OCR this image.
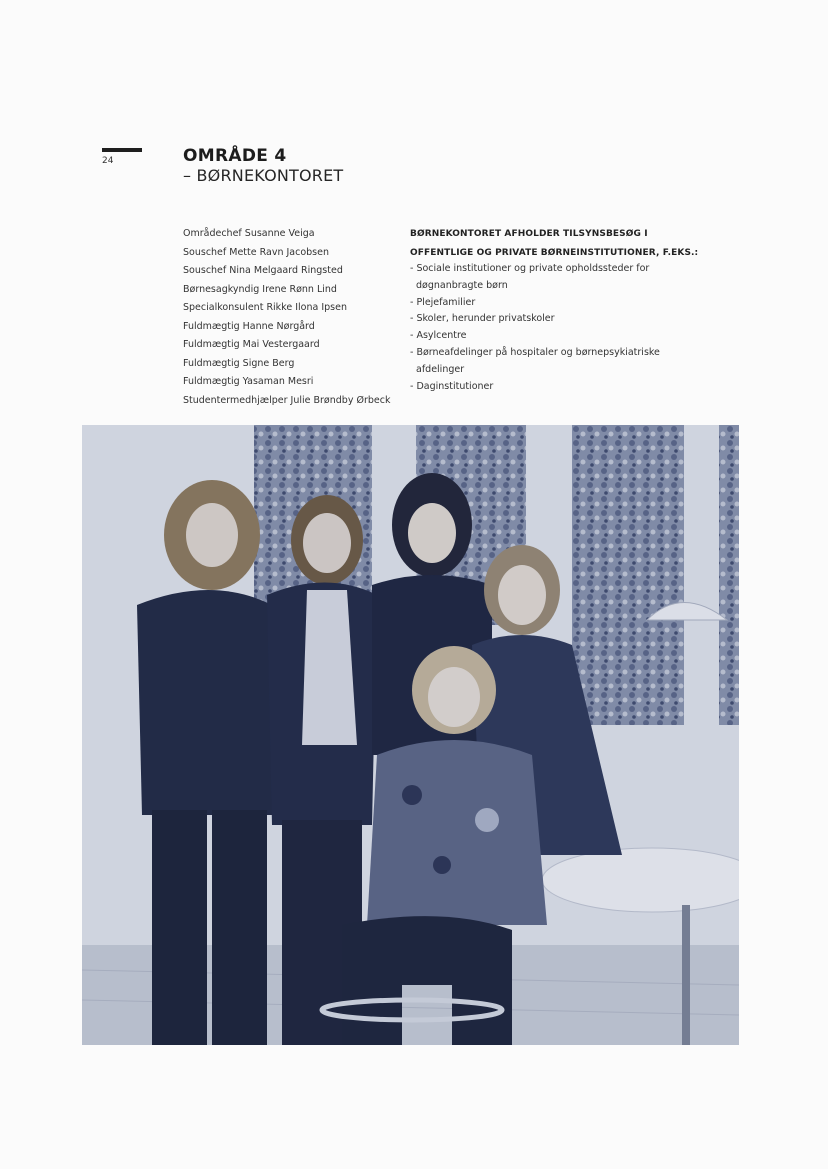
24	OMRÅDE 4
– BØRNEKONTORET
Områdechef Susanne Veiga
Souschef Mette Ravn Jacobsen
Souschef Nina Melgaard Ringsted
Børnesagkyndig Irene Rønn Lind
Specialkonsulent Rikke Ilona Ipsen
Fuldmægtig Hanne Nørgård
Fuldmægtig Mai Vestergaard
Fuldmægtig Signe Berg
Fuldmægtig Yasaman Mesri
Studentermedhjælper Julie Brøndby Ørbeck
BØRNEKONTORET AFHOLDER TILSYNSBESØG I
OFFENTLIGE OG PRIVATE BØRNEINSTITUTIONER, F.EKS.:
- Sociale institutioner og private opholdssteder for døgnanbragte børn
- Plejefamilier
- Skoler, herunder privatskoler
- Asylcentre
- Børneafdelinger på hospitaler og børnepsykiatriske afdelinger
- Daginstitutioner
